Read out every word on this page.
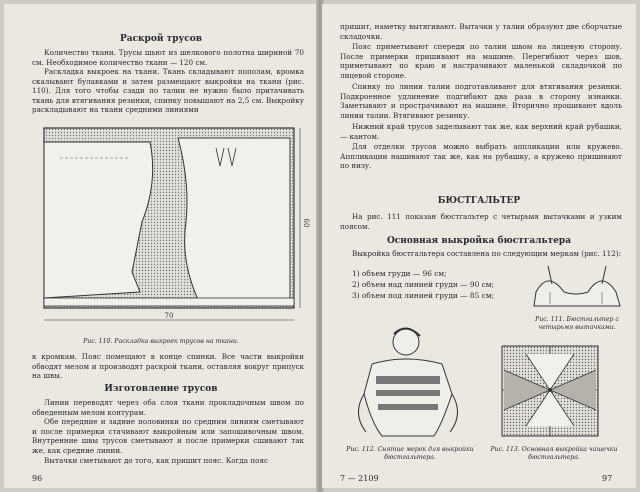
Раскрой трусов
Количество ткани. Трусы шьют из шелкового полотна шириной 70 см. Необходимое количество ткани — 120 см.
Раскладка выкроек на ткани. Ткань складывают пополам, кромка скалывают булавками и затем размещают выкройки на ткани (рис. 110). Для того чтобы сзади по талии не нужно было притачивать ткань для втягивания резинки, спинку повышают на 2,5 см. Выкройку раскладывают на ткани средними линиями
70
60
Рис. 110. Раскладка выкроек трусов на ткани.
к кромкам. Пояс помещают в конце спинки. Все части выкройки обводят мелом и производят раскрой ткани, оставляя вокруг припуск на швы.
Изготовление трусов
Линии переводят через оба слоя ткани прокладочным швом по обведенным мелом контурам.
Обе передние и задние половинки по средним линиям сметывают и после примерки стачивают выкройным или запошивочным швом. Внутренние швы трусов сметывают и после примерки сшивают так же, как средние линии.
Вытачки сметывают до того, как пришит пояс. Когда пояс
96
пришит, наметку вытягивают. Вытачки у талии образуют две сборчатые складочки.
Пояс приметывают спереди по талии швом на лицевую сторону. После примерки пришивают на машине. Перегибают через шов, приметывают по краю и настрачивают маленькой складочкой по лицевой стороне.
Спинку по линии талии подготавливают для втягивания резинки. Подкроенное удлинение подгибают два раза в сторону изнанки. Заметывают и прострачивают на машине. Вторично прошивают вдоль линии талии. Втягивают резинку.
Нижний край трусов заделывают так же, как верхний край рубашки, — кантом.
Для отделки трусов можно выбрать аппликации или кружево. Аппликации нашивают так же, как на рубашку, а кружево пришивают по низу.
БЮСТГАЛЬТЕР
На рис. 111 показан бюстгальтер с четырьмя вытачками и узким поясом.
Основная выкройка бюстгальтера
Выкройка бюстгальтера составлена по следующим меркам (рис. 112):
1) объем груди — 96 см;
2) объем над линией груди — 90 см;
3) объем под линией груди — 85 см;
Рис. 111. Бюстгальтер с четырьмя вытачками.
Рис. 112. Снятие мерок для выкройки бюстгальтера.
Рис. 113. Основная выкройка чашечки бюстгальтера.
7 — 2109	97
